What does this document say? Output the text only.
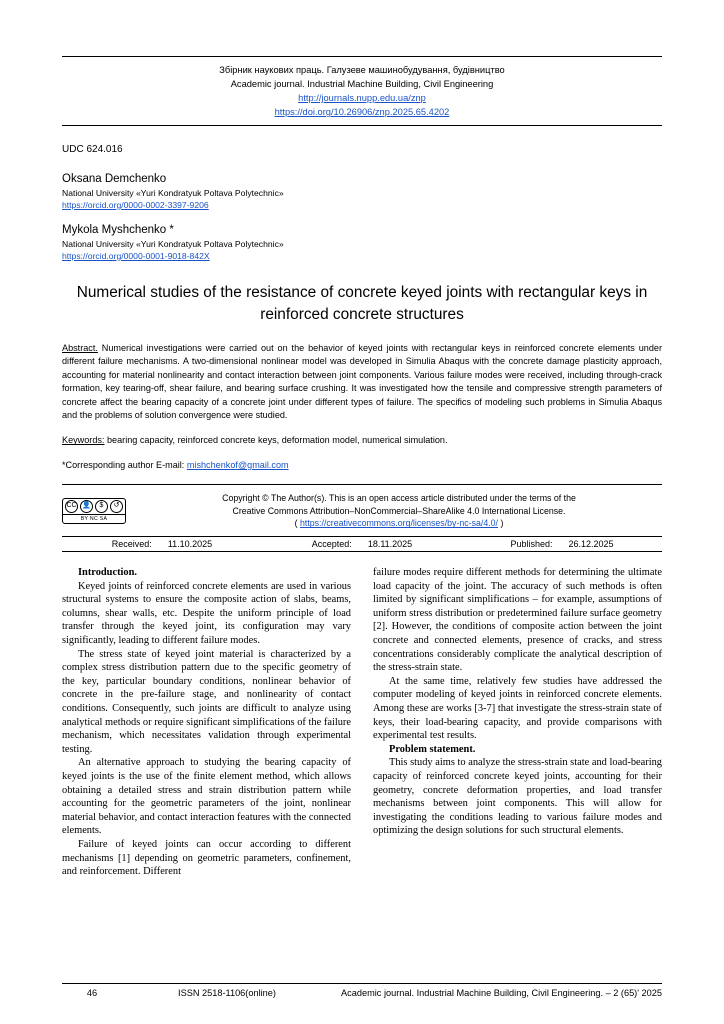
Збірник наукових праць. Галузеве машинобудування, будівництво
Academic journal. Industrial Machine Building, Civil Engineering
http://journals.nupp.edu.ua/znp
https://doi.org/10.26906/znp.2025.65.4202
UDC 624.016
Oksana Demchenko
National University «Yuri Kondratyuk Poltava Polytechnic»
https://orcid.org/0000-0002-3397-9206
Mykola Myshchenko *
National University «Yuri Kondratyuk Poltava Polytechnic»
https://orcid.org/0000-0001-9018-842X
Numerical studies of the resistance of concrete keyed joints with rectangular keys in reinforced concrete structures
Abstract. Numerical investigations were carried out on the behavior of keyed joints with rectangular keys in reinforced concrete elements under different failure mechanisms. A two-dimensional nonlinear model was developed in Simulia Abaqus with the concrete damage plasticity approach, accounting for material nonlinearity and contact interaction between joint components. Various failure modes were received, including through-crack formation, key tearing-off, shear failure, and bearing surface crushing. It was investigated how the tensile and compressive strength parameters of concrete affect the bearing capacity of a concrete joint under different types of failure. The specifics of modeling such problems in Simulia Abaqus and the problems of solution convergence were studied.
Keywords: bearing capacity, reinforced concrete keys, deformation model, numerical simulation.
*Corresponding author E-mail: mishchenkof@gmail.com
CC 👤	$	↺
BY NC SA
Copyright © The Author(s). This is an open access article distributed under the terms of the
Creative Commons Attribution–NonCommercial–ShareAlike 4.0 International License.
( https://creativecommons.org/licenses/by-nc-sa/4.0/ )
Received: 11.10.2025	Accepted: 18.11.2025	Published: 26.12.2025

Introduction.

Keyed joints of reinforced concrete elements are used in various structural systems to ensure the composite action of slabs, beams, columns, shear walls, etc. Despite the uniform principle of load transfer through the keyed joint, its configuration may vary significantly, leading to different failure modes.

The stress state of keyed joint material is characterized by a complex stress distribution pattern due to the specific geometry of the key, particular boundary conditions, nonlinear behavior of concrete in the pre-failure stage, and nonlinearity of contact conditions. Consequently, such joints are difficult to analyze using analytical methods or require significant simplifications of the failure mechanism, which necessitates validation through experimental testing.

An alternative approach to studying the bearing capacity of keyed joints is the use of the finite element method, which allows obtaining a detailed stress and strain distribution pattern while accounting for the geometric parameters of the joint, nonlinear material behavior, and contact interaction features with the connected elements.

Failure of keyed joints can occur according to different mechanisms [1] depending on geometric parameters, confinement, and reinforcement. Different

failure modes require different methods for determining the ultimate load capacity of the joint. The accuracy of such methods is often limited by significant simplifications – for example, assumptions of uniform stress distribution or predetermined failure surface geometry [2]. However, the conditions of composite action between the joint concrete and connected elements, presence of cracks, and stress concentrations considerably complicate the analytical description of the stress-strain state.

At the same time, relatively few studies have addressed the computer modeling of keyed joints in reinforced concrete elements. Among these are works [3-7] that investigate the stress-strain state of keys, their load-bearing capacity, and provide comparisons with experimental test results.

Problem statement.

This study aims to analyze the stress-strain state and load-bearing capacity of reinforced concrete keyed joints, accounting for their geometry, concrete deformation properties, and load transfer mechanisms between joint components. This will allow for investigating the conditions leading to various failure modes and optimizing the design solutions for such structural elements.

46	ISSN 2518-1106(online)	Academic journal. Industrial Machine Building, Civil Engineering. – 2 (65)' 2025
